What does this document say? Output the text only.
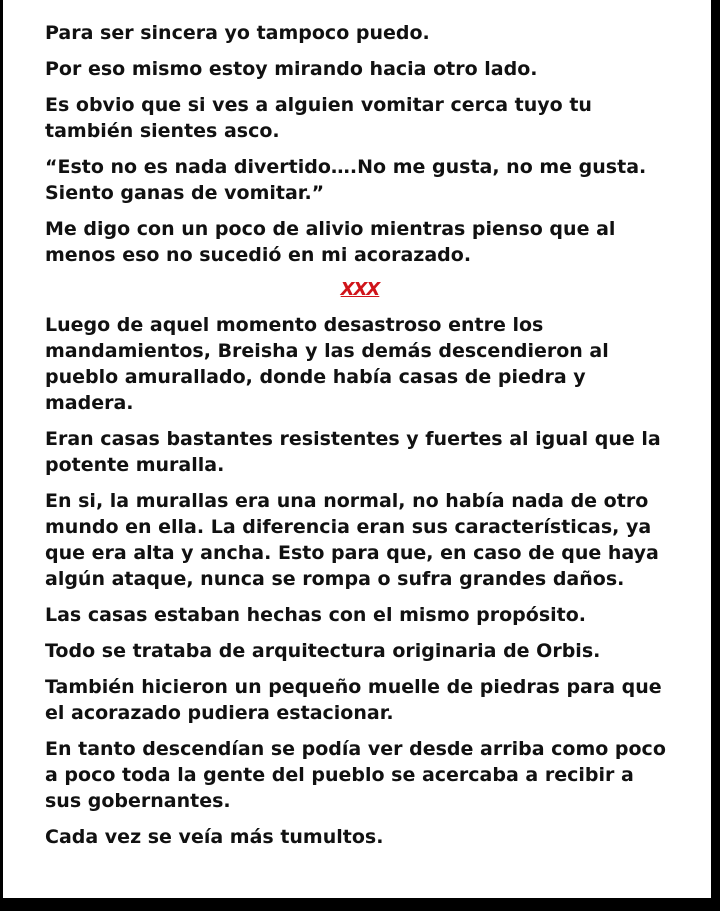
Para ser sincera yo tampoco puedo.

Por eso mismo estoy mirando hacia otro lado.

Es obvio que si ves a alguien vomitar cerca tuyo tu también sientes asco.

“Esto no es nada divertido….No me gusta, no me gusta. Siento ganas de vomitar.”

Me digo con un poco de alivio mientras pienso que al menos eso no sucedió en mi acorazado.

XXX

Luego de aquel momento desastroso entre los mandamientos, Breisha y las demás descendieron al pueblo amurallado, donde había casas de piedra y madera.

Eran casas bastantes resistentes y fuertes al igual que la potente muralla.

En si, la murallas era una normal, no había nada de otro mundo en ella. La diferencia eran sus características, ya que era alta y ancha. Esto para que, en caso de que haya algún ataque, nunca se rompa o sufra grandes daños.

Las casas estaban hechas con el mismo propósito.

Todo se trataba de arquitectura originaria de Orbis.

También hicieron un pequeño muelle de piedras para que el acorazado pudiera estacionar.

En tanto descendían se podía ver desde arriba como poco a poco toda la gente del pueblo se acercaba a recibir a sus gobernantes.

Cada vez se veía más tumultos.
